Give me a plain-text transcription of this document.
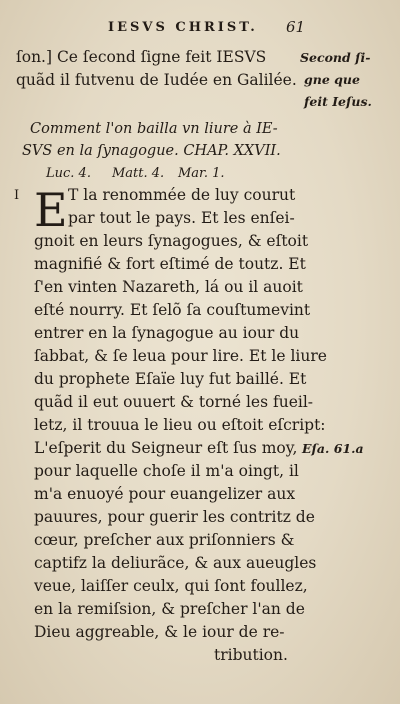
IESVS CHRIST. 61
ſon.] Ce ſecond ſigne feit IESVS
quãd il futvenu de Iudée en Galilée.
Second ſi-
gne que
feit Ieſus.
Comment l'on bailla vn liure à IE-
SVS en la ſynagogue. CHAP. XXVII.
Luc. 4. Matt. 4. Mar. 1.
I E T la renommée de luy courut
par tout le pays. Et les enſei-
gnoit en leurs ſynagogues, & eſtoit
magnifié & fort eſtimé de toutz. Et
ſ'en vinten Nazareth, lá ou il auoit
eſté nourry. Et ſelõ ſa couſtumevint
entrer en la ſynagogue au iour du
ſabbat, & ſe leua pour lire. Et le liure
du prophete Eſaïe luy fut baillé. Et
quãd il eut ouuert & torné les fueil-
letz, il trouua le lieu ou eſtoit eſcript:
L'eſperit du Seigneur eſt ſus moy,
pour laquelle choſe il m'a oingt, il
m'a enuoyé pour euangelizer aux
pauures, pour guerir les contritz de
cœur, preſcher aux priſonniers &
captifz la deliurãce, & aux aueugles
veue, laiſſer ceulx, qui ſont foullez,
en la remiſsion, & preſcher l'an de
Dieu aggreable, & le iour de re-
tribution.
Eſa. 61.a
